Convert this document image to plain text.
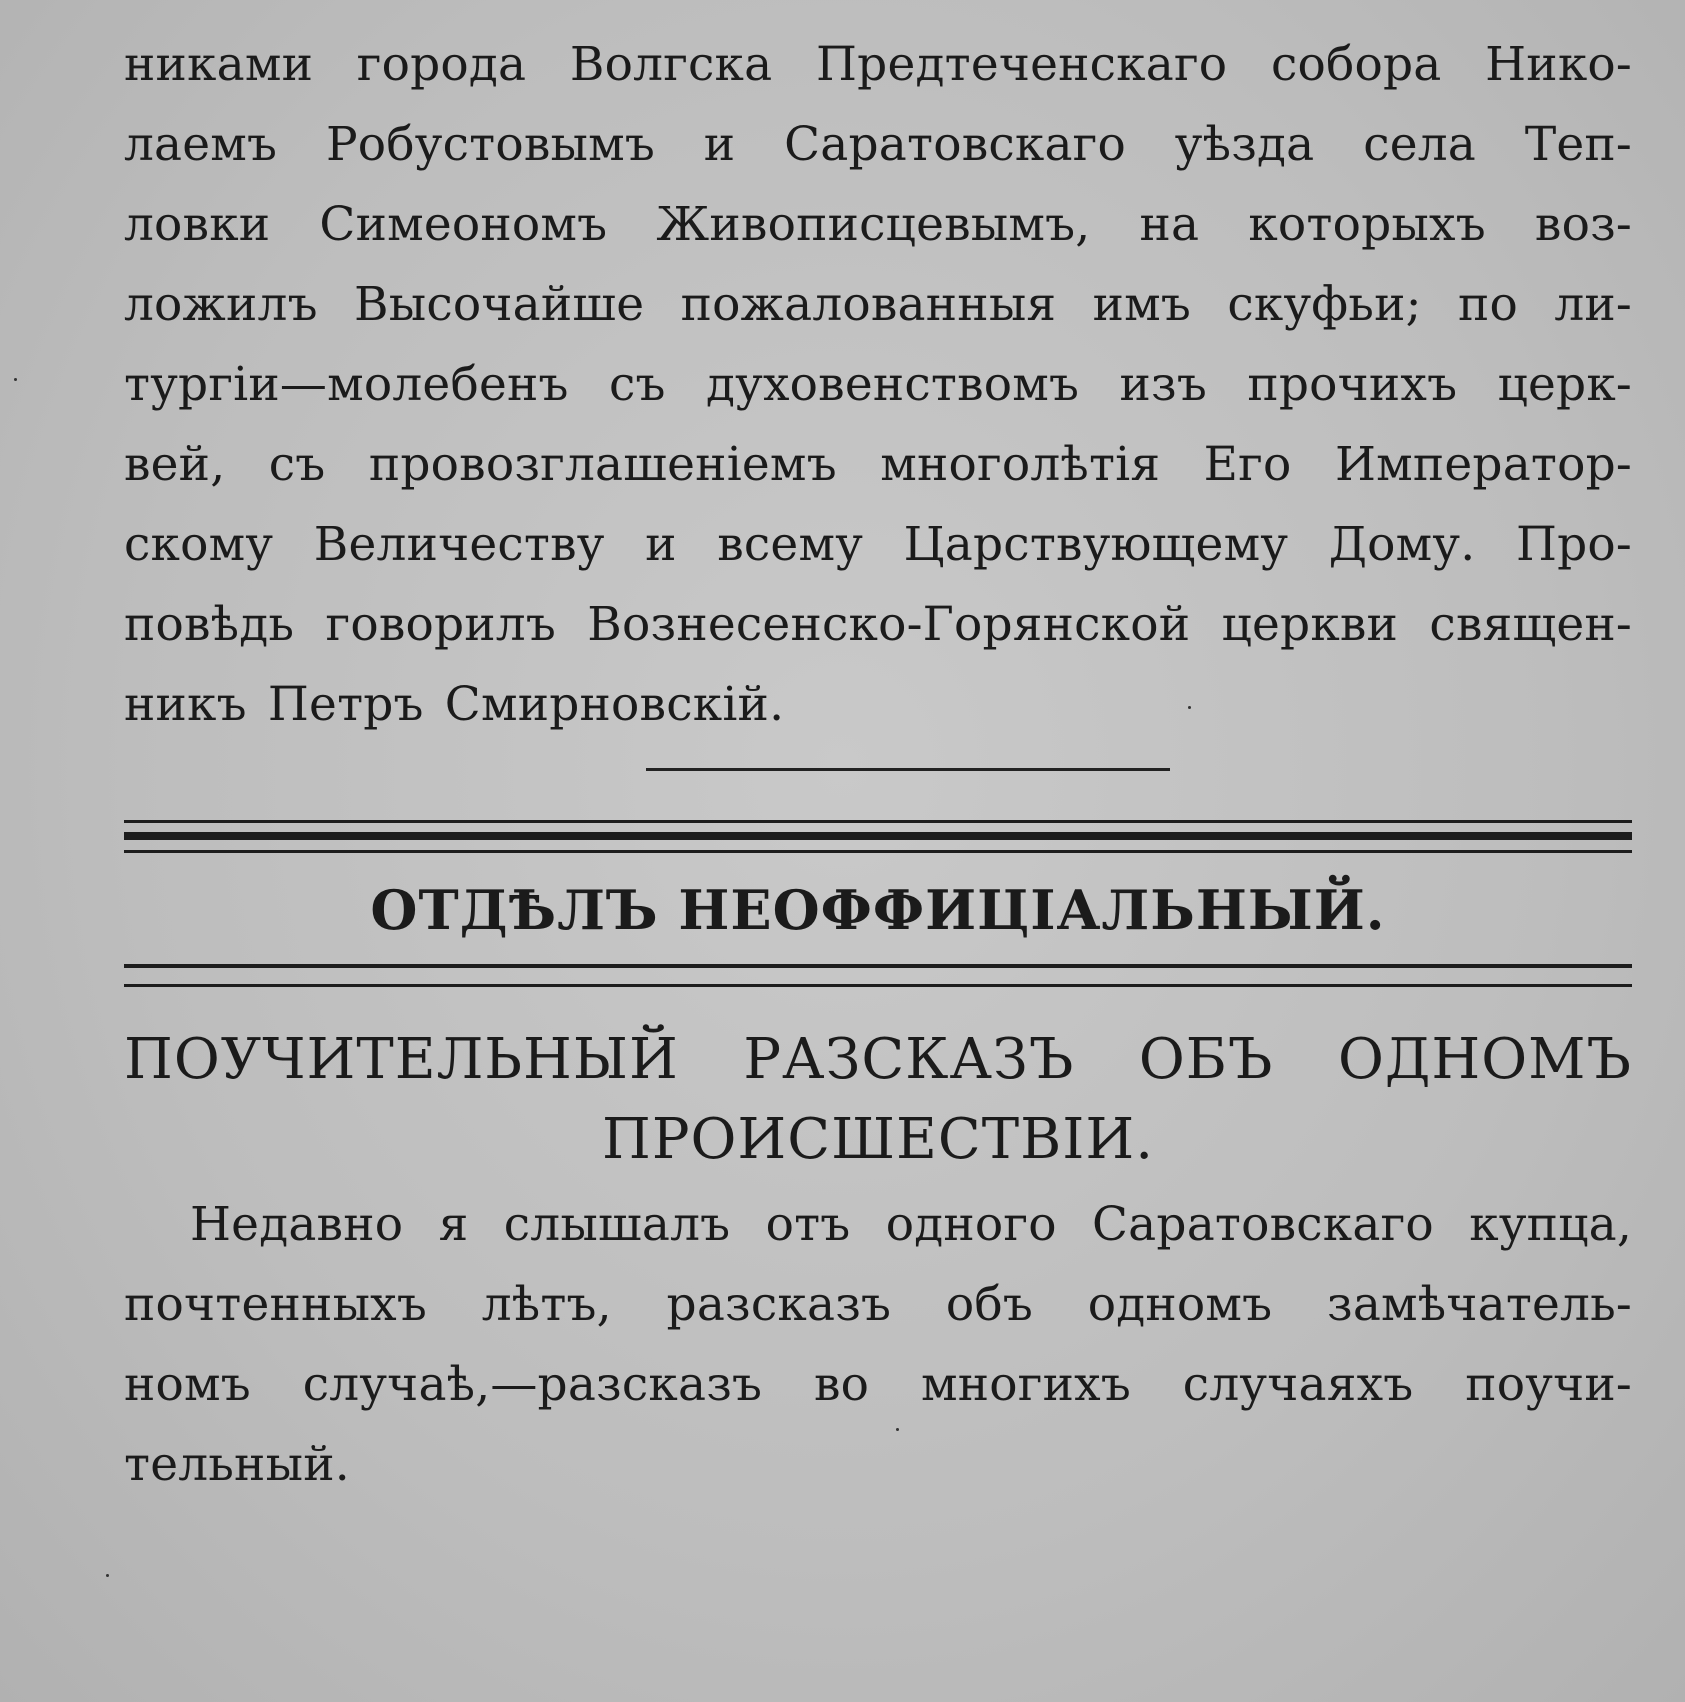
никами города Волгска Предтеченскаго собора Нико-
лаемъ Робустовымъ и Саратовскаго уѣзда села Теп-
ловки Симеономъ Живописцевымъ, на которыхъ воз-
ложилъ Высочайше пожалованныя имъ скуфьи; по ли-
тургіи—молебенъ съ духовенствомъ изъ прочихъ церк-
вей, съ провозглашеніемъ многолѣтія Его Император-
скому Величеству и всему Царствующему Дому. Про-
повѣдь говорилъ Вознесенско-Горянской церкви священ-
никъ Петръ Смирновскій.
ОТДѢЛЪ НЕОФФИЦІАЛЬНЫЙ.
ПОУЧИТЕЛЬНЫЙ РАЗСКАЗЪ ОБЪ ОДНОМЪ
ПРОИСШЕСТВІИ.
Недавно я слышалъ отъ одного Саратовскаго купца,
почтенныхъ лѣтъ, разсказъ объ одномъ замѣчатель-
номъ случаѣ,—разсказъ во многихъ случаяхъ поучи-
тельный.
